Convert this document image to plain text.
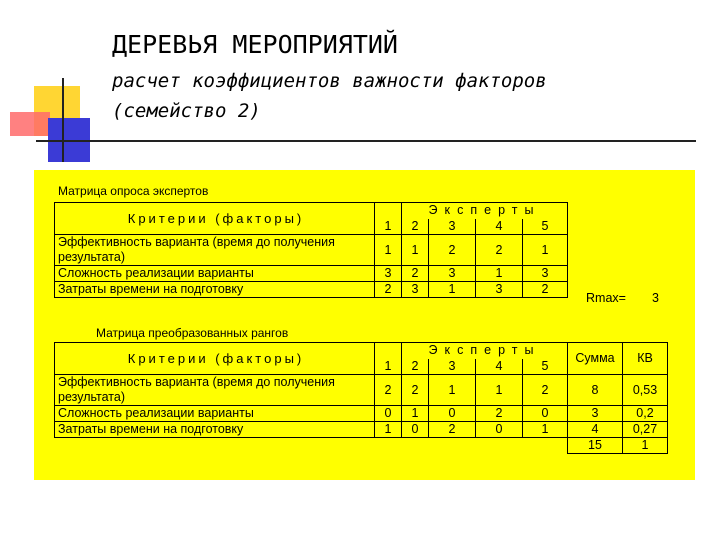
ДЕРЕВЬЯ МЕРОПРИЯТИЙ
расчет коэффициентов важности факторов
(семейство 2)
Матрица опроса экспертов
Критерии (факторы)	1	Эксперты			
		2	3	4	5
Эффективность варианта (время до получения
результата)	1	1	2	2	1
Сложность реализации варианты	3	2	3	1	3
Затраты времени на подготовку	2	3	1	3	2
Rmax= 3
Матрица преобразованных рангов
Критерии (факторы)	1	Эксперты				Сумма	КВ
		2	3	4	5		
Эффективность варианта (время до получения
результата)	2	2	1	1	2	8	0,53
Сложность реализации варианты	0	1	0	2	0	3	0,2
Затраты времени на подготовку	1	0	2	0	1	4	0,27
						15	1
